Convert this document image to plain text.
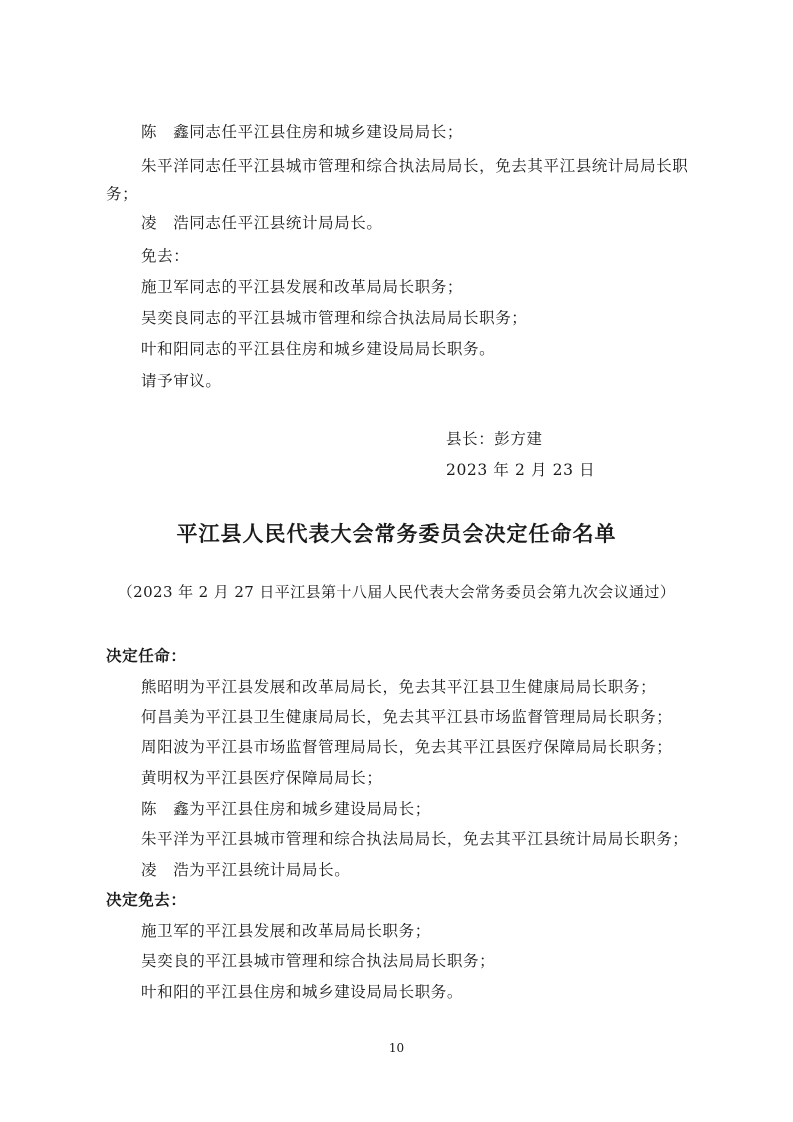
陈　鑫同志任平江县住房和城乡建设局局长；
朱平洋同志任平江县城市管理和综合执法局局长，免去其平江县统计局局长职
务；
凌　浩同志任平江县统计局局长。
免去：
施卫军同志的平江县发展和改革局局长职务；
吴奕良同志的平江县城市管理和综合执法局局长职务；
叶和阳同志的平江县住房和城乡建设局局长职务。
请予审议。
县长：彭方建
2023 年 2 月 23 日
平江县人民代表大会常务委员会决定任命名单
（2023 年 2 月 27 日平江县第十八届人民代表大会常务委员会第九次会议通过）
决定任命：
熊昭明为平江县发展和改革局局长，免去其平江县卫生健康局局长职务；
何昌美为平江县卫生健康局局长，免去其平江县市场监督管理局局长职务；
周阳波为平江县市场监督管理局局长，免去其平江县医疗保障局局长职务；
黄明权为平江县医疗保障局局长；
陈　鑫为平江县住房和城乡建设局局长；
朱平洋为平江县城市管理和综合执法局局长，免去其平江县统计局局长职务；
凌　浩为平江县统计局局长。
决定免去：
施卫军的平江县发展和改革局局长职务；
吴奕良的平江县城市管理和综合执法局局长职务；
叶和阳的平江县住房和城乡建设局局长职务。
10
